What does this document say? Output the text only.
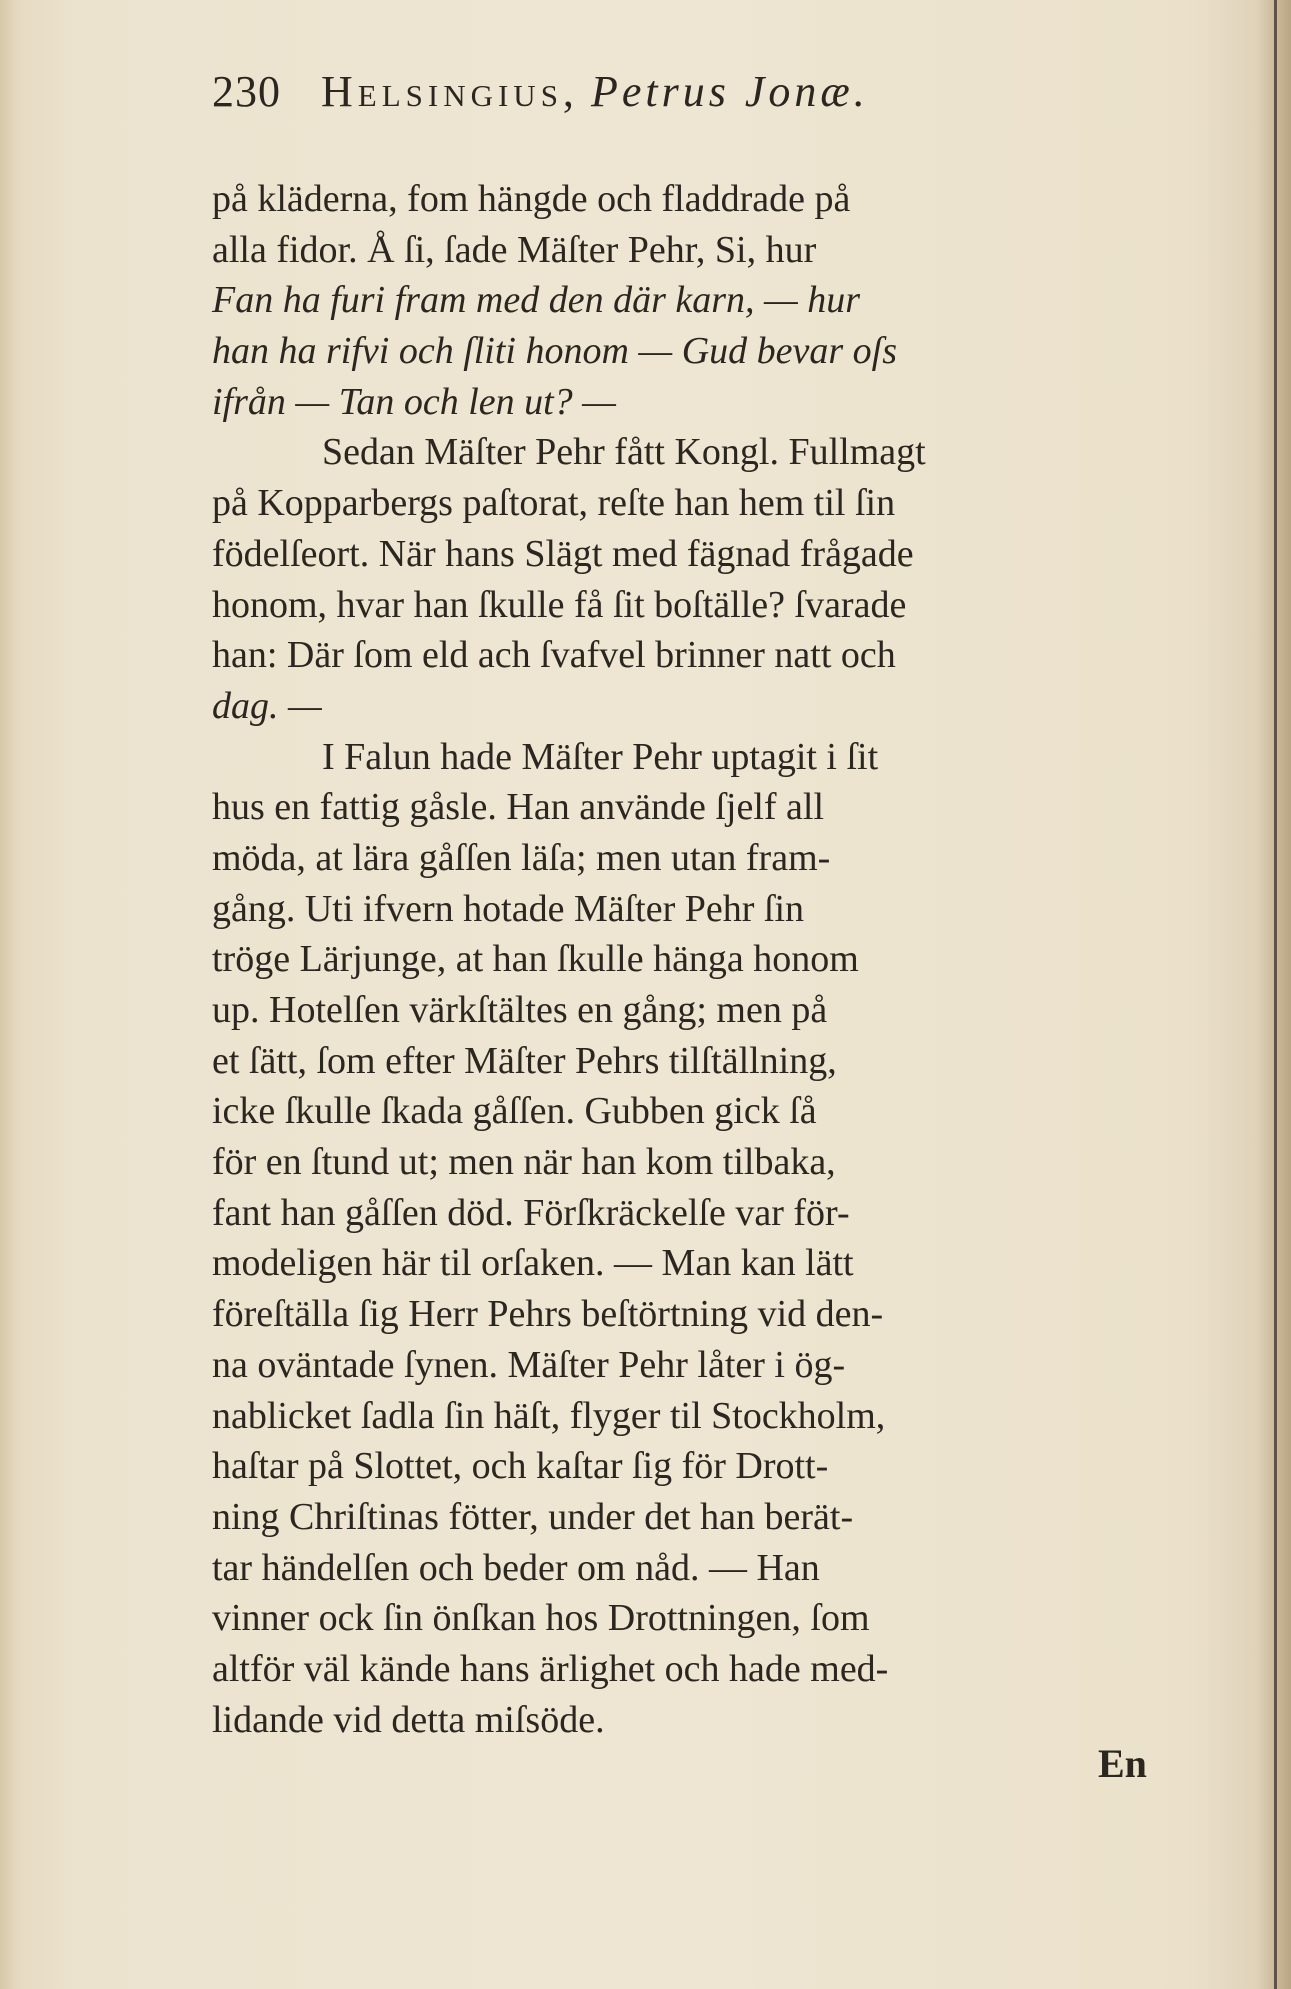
230 Helsingius, Petrus Jonæ.
på kläderna, fom hängde och fladdrade på
alla fidor. Å ſi, ſade Mäſter Pehr, Si, hur
Fan ha furi fram med den där karn, — hur
han ha rifvi och ſliti honom — Gud bevar oſs
ifrån — Tan och len ut? —
Sedan Mäſter Pehr fått Kongl. Fullmagt
på Kopparbergs paſtorat, reſte han hem til ſin
födelſeort. När hans Slägt med fägnad frågade
honom, hvar han ſkulle få ſit boſtälle? ſvarade
han: Där ſom eld ach ſvafvel brinner natt och
dag. —
I Falun hade Mäſter Pehr uptagit i ſit
hus en fattig gåsle. Han använde ſjelf all
möda, at lära gåſſen läſa; men utan fram-
gång. Uti ifvern hotade Mäſter Pehr ſin
tröge Lärjunge, at han ſkulle hänga honom
up. Hotelſen värkſtältes en gång; men på
et ſätt, ſom efter Mäſter Pehrs tilſtällning,
icke ſkulle ſkada gåſſen. Gubben gick ſå
för en ſtund ut; men när han kom tilbaka,
fant han gåſſen död. Förſkräckelſe var för-
modeligen här til orſaken. — Man kan lätt
föreſtälla ſig Herr Pehrs beſtörtning vid den-
na oväntade ſynen. Mäſter Pehr låter i ög-
nablicket ſadla ſin häſt, flyger til Stockholm,
haſtar på Slottet, och kaſtar ſig för Drott-
ning Chriſtinas fötter, under det han berät-
tar händelſen och beder om nåd. — Han
vinner ock ſin önſkan hos Drottningen, ſom
altför väl kände hans ärlighet och hade med-
lidande vid detta miſsöde.
En
